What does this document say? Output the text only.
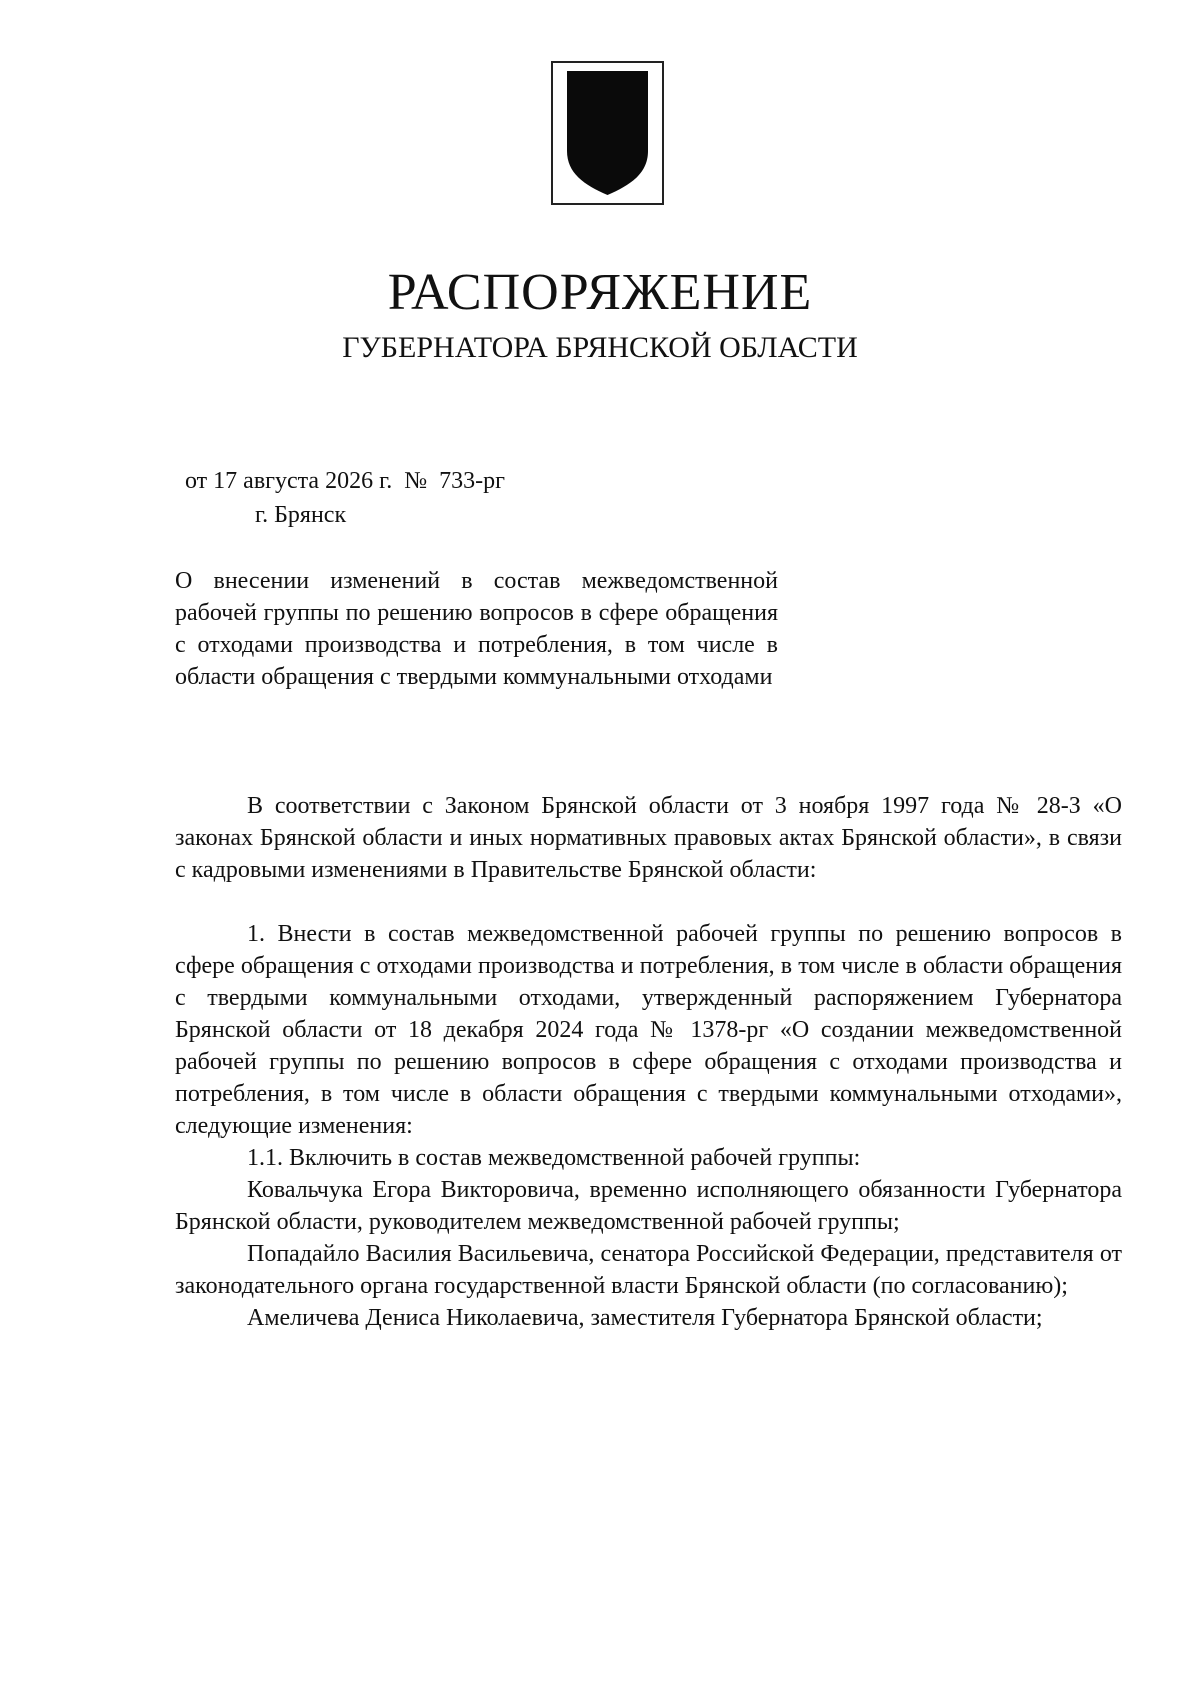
РАСПОРЯЖЕНИЕ
ГУБЕРНАТОРА БРЯНСКОЙ ОБЛАСТИ
от 17 августа 2026 г. № 733-рг
г. Брянск

О внесении изменений в состав межведомственной рабочей группы по решению вопросов в сфере обращения с отходами производства и потребления, в том числе в области обращения с твердыми коммунальными отходами

В соответствии с Законом Брянской области от 3 ноября 1997 года № 28-З «О законах Брянской области и иных нормативных правовых актах Брянской области», в связи с кадровыми изменениями в Правительстве Брянской области:

1. Внести в состав межведомственной рабочей группы по решению вопросов в сфере обращения с отходами производства и потребления, в том числе в области обращения с твердыми коммунальными отходами, утвержденный распоряжением Губернатора Брянской области от 18 декабря 2024 года № 1378-рг «О создании межведомственной рабочей группы по решению вопросов в сфере обращения с отходами производства и потребления, в том числе в области обращения с твердыми коммунальными отходами», следующие изменения:

1.1. Включить в состав межведомственной рабочей группы:

Ковальчука Егора Викторовича, временно исполняющего обязанности Губернатора Брянской области, руководителем межведомственной рабочей группы;

Попадайло Василия Васильевича, сенатора Российской Федерации, представителя от законодательного органа государственной власти Брянской области (по согласованию);

Амеличева Дениса Николаевича, заместителя Губернатора Брянской области;
